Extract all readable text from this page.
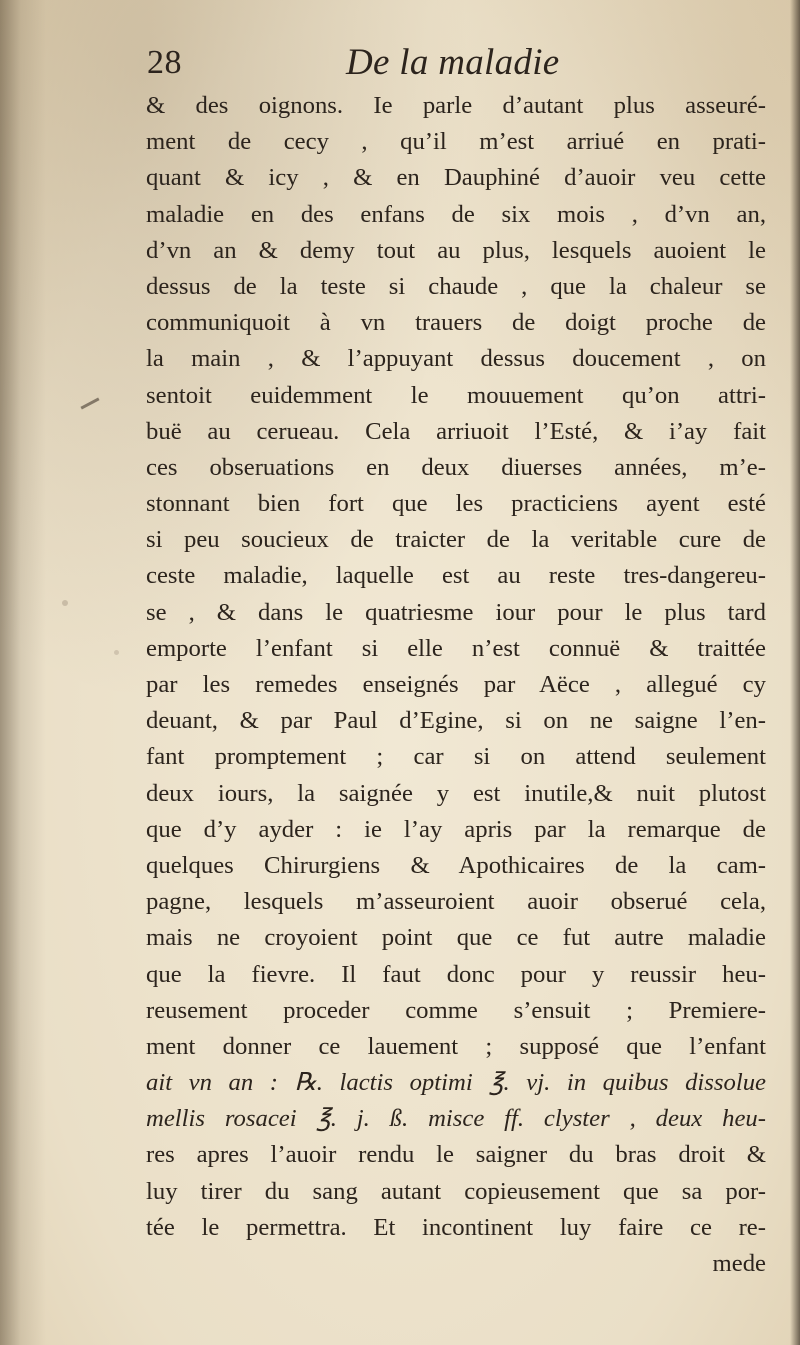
28	De la maladie
& des oignons. Ie parle d’autant plus asseuré-
ment de cecy , qu’il m’est arriué en prati-
quant & icy , & en Dauphiné d’auoir veu cette
maladie en des enfans de six mois , d’vn an,
d’vn an & demy tout au plus, lesquels auoient le
dessus de la teste si chaude , que la chaleur se
communiquoit à vn trauers de doigt proche de
la main , & l’appuyant dessus doucement , on
sentoit euidemment le mouuement qu’on attri-
buë au cerueau. Cela arriuoit l’Esté, & i’ay fait
ces obseruations en deux diuerses années, m’e-
stonnant bien fort que les practiciens ayent esté
si peu soucieux de traicter de la veritable cure de
ceste maladie, laquelle est au reste tres-dangereu-
se , & dans le quatriesme iour pour le plus tard
emporte l’enfant si elle n’est connuë & traittée
par les remedes enseignés par Aëce , allegué cy
deuant, & par Paul d’Egine, si on ne saigne l’en-
fant promptement ; car si on attend seulement
deux iours, la saignée y est inutile,& nuit plutost
que d’y ayder : ie l’ay apris par la remarque de
quelques Chirurgiens & Apothicaires de la cam-
pagne, lesquels m’asseuroient auoir obserué cela,
mais ne croyoient point que ce fut autre maladie
que la fievre. Il faut donc pour y reussir heu-
reusement proceder comme s’ensuit ; Premiere-
ment donner ce lauement ; supposé que l’enfant
ait vn an : ℞. lactis optimi ℥. vj. in quibus dissolue
mellis rosacei ℥. j. ß. misce ff. clyster , deux heu-
res apres l’auoir rendu le saigner du bras droit &
luy tirer du sang autant copieusement que sa por-
tée le permettra. Et incontinent luy faire ce re-
mede
